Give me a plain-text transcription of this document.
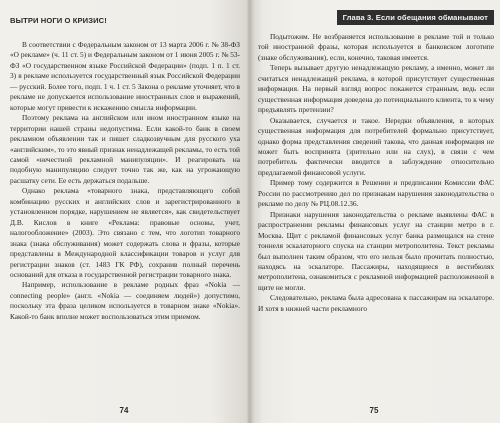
ВЫТРИ НОГИ О КРИЗИС!

В соответствии с Федеральным законом от 13 марта 2006 г. № 38-ФЗ «О рекламе» (ч. 11 ст. 5) и Федеральным законом от 1 июня 2005 г. № 53-ФЗ «О государственном языке Российской Федерации» (подп. 1 п. 1 ст. 3) в рекламе используется государственный язык Российской Федерации — русский. Более того, подп. 1 ч. 1 ст. 5 Закона о рекламе уточняет, что в рекламе не допускается использование иностранных слов и выражений, которые могут привести к искажению смысла информации.

Поэтому реклама на английском или ином иностранном языке на территории нашей страны недопустима. Если какой-то банк в своем рекламном объявлении так и пишет сладкозвучным для русского уха «английским», то это явный признак ненадлежащей рекламы, то есть той самой «нечестной рекламной манипуляции». И реагировать на подобную манипуляцию следует точно так же, как на угрожающую расшатку сети. Ее есть держаться подальше.

Однако реклама «товарного знака, представляющего собой комбинацию русских и английских слов и зарегистрированного в установленном порядке, нарушением не является», как свидетельствует Д.В. Кислов в книге «Реклама: правовые основы, учет, налогообложение» (2003). Это связано с тем, что логотип товарного знака (знака обслуживания) может содержать слова и фразы, которые представлены в Международной классификации товаров и услуг для регистрации знаков (ст. 1483 ГК РФ), сохранив полный перечень оснований для отказа в государственной регистрации товарного знака.

Например, использование в рекламе родных фраз «Nokia — connecting people» (англ. «Nokia — соединяем людей») допустимо, поскольку эта фраза целиком используется в товарном знаке «Nokia». Какой-то банк вполне может воспользоваться этим приемом.

74
Глава 3. Если обещания обманывают

Подытожим. Не возбраняется использование в рекламе той и только той иностранной фразы, которая используется в банковском логотипе (знаке обслуживания), если, конечно, таковая имеется.

Теперь вызывает другую ненадлежащую рекламу, а именно, может ли считаться ненадлежащей реклама, в которой присутствует существенная информация. На первый взгляд вопрос покажется странным, ведь если существенная информация доведена до потенциального клиента, то к чему предъявлять претензии?

Оказывается, случается и такое. Нередки объявления, в которых существенная информация для потребителей формально присутствует, однако форма представления сведений такова, что данная информация не может быть воспринята (зрительно или на слух), в связи с чем потребитель фактически вводится в заблуждение относительно предлагаемой финансовой услуги.

Пример тому содержится в Решении и предписании Комиссии ФАС России по рассмотрению дел по признакам нарушения законодательства о рекламе по делу № РЦ.08.12.36.

Признаки нарушения законодательства о рекламе выявлены ФАС в распространении рекламы финансовых услуг на станции метро в г. Москва. Щит с рекламой финансовых услуг банка размещался на стене тоннеля эскалаторного спуска на станции метрополитена. Текст рекламы был выполнен таким образом, что его нельзя было прочитать полностью, находясь на эскалаторе. Пассажиры, находящиеся в вестибюлях метрополитена, ознакомиться с рекламной информацией расположенной в щите не могли.

Следовательно, реклама была адресована к пассажирам на эскалаторе. И хотя в нижней части рекламного

75
